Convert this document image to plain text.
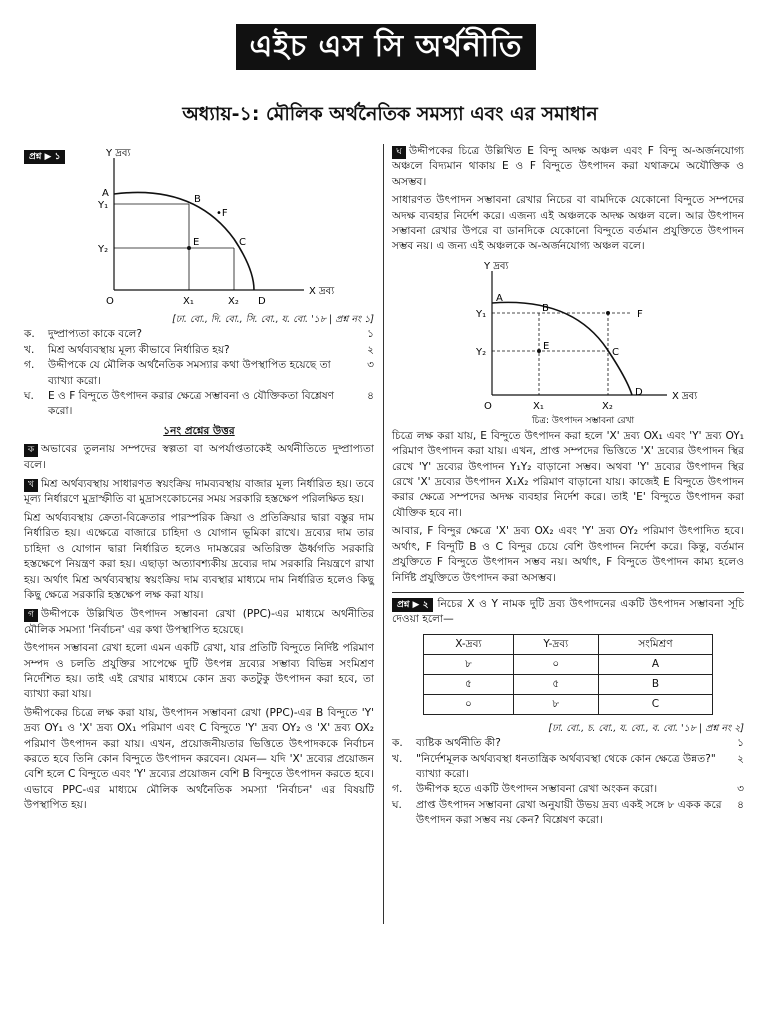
এইচ এস সি অর্থনীতি
অধ্যায়-১: মৌলিক অর্থনৈতিক সমস্যা এবং এর সমাধান
প্রশ্ন ▶ ১	Y দ্রব্য
X দ্রব্য
A
B
C
D
E
•F
Y₁
Y₂
O	X₁	X₂
[ঢা. বো., দি. বো., সি. বো., য. বো. '১৮ | প্রশ্ন নং ১]
ক.	দুষ্প্রাপ্যতা কাকে বলে?	১
খ.	মিশ্র অর্থব্যবস্থায় মূল্য কীভাবে নির্ধারিত হয়?	২
গ.	উদ্দীপকে যে মৌলিক অর্থনৈতিক সমস্যার কথা উপস্থাপিত হয়েছে তা ব্যাখ্যা করো।
৩
ঘ.	E ও F বিন্দুতে উৎপাদন করার ক্ষেত্রে সম্ভাবনা ও যৌক্তিকতা বিশ্লেষণ করো।
৪
১নং প্রশ্নের উত্তর
ক অভাবের তুলনায় সম্পদের স্বল্পতা বা অপর্যাপ্ততাকেই অর্থনীতিতে দুষ্প্রাপ্যতা বলে।

খ মিশ্র অর্থব্যবস্থায় সাধারণত স্বয়ংক্রিয় দামব্যবস্থায় বাজার মূল্য নির্ধারিত হয়। তবে মূল্য নির্ধারণে মুদ্রাস্ফীতি বা মুদ্রাসংকোচনের সময় সরকারি হস্তক্ষেপ পরিলক্ষিত হয়।

মিশ্র অর্থব্যবস্থায় ক্রেতা-বিক্রেতার পারস্পরিক ক্রিয়া ও প্রতিক্রিয়ার দ্বারা বস্তুর দাম নির্ধারিত হয়। এক্ষেত্রে বাজারে চাহিদা ও যোগান ভূমিকা রাখে। দ্রব্যের দাম তার চাহিদা ও যোগান দ্বারা নির্ধারিত হলেও দামস্তরের অতিরিক্ত ঊর্ধ্বগতি সরকারি হস্তক্ষেপে নিয়ন্ত্রণ করা হয়। এছাড়া অত্যাবশ্যকীয় দ্রব্যের দাম সরকারি নিয়ন্ত্রণে রাখা হয়। অর্থাৎ মিশ্র অর্থব্যবস্থায় স্বয়ংক্রিয় দাম ব্যবস্থার মাধ্যমে দাম নির্ধারিত হলেও কিছু কিছু ক্ষেত্রে সরকারি হস্তক্ষেপ লক্ষ করা যায়।

গ উদ্দীপকে উল্লিখিত উৎপাদন সম্ভাবনা রেখা (PPC)-এর মাধ্যমে অর্থনীতির মৌলিক সমস্যা 'নির্বাচন' এর কথা উপস্থাপিত হয়েছে।

উৎপাদন সম্ভাবনা রেখা হলো এমন একটি রেখা, যার প্রতিটি বিন্দুতে নির্দিষ্ট পরিমাণ সম্পদ ও চলতি প্রযুক্তির সাপেক্ষে দুটি উৎপন্ন দ্রব্যের সম্ভাব্য বিভিন্ন সংমিশ্রণ নির্দেশিত হয়। তাই এই রেখার মাধ্যমে কোন দ্রব্য কতটুকু উৎপাদন করা হবে, তা ব্যাখ্যা করা যায়।

উদ্দীপকের চিত্রে লক্ষ করা যায়, উৎপাদন সম্ভাবনা রেখা (PPC)-এর B বিন্দুতে 'Y' দ্রব্য OY₁ ও 'X' দ্রব্য OX₁ পরিমাণ এবং C বিন্দুতে 'Y' দ্রব্য OY₂ ও 'X' দ্রব্য OX₂ পরিমাণ উৎপাদন করা যায়। এখন, প্রয়োজনীয়তার ভিত্তিতে উৎপাদককে নির্বাচন করতে হবে তিনি কোন বিন্দুতে উৎপাদন করবেন। যেমন— যদি 'X' দ্রব্যের প্রয়োজন বেশি হলে C বিন্দুতে এবং 'Y' দ্রব্যের প্রয়োজন বেশি B বিন্দুতে উৎপাদন করতে হবে। এভাবে PPC-এর মাধ্যমে মৌলিক অর্থনৈতিক সমস্যা 'নির্বাচন' এর বিষয়টি উপস্থাপিত হয়।

ঘ উদ্দীপকের চিত্রে উল্লিখিত E বিন্দু অদক্ষ অঞ্চল এবং F বিন্দু অ-অর্জনযোগ্য অঞ্চলে বিদ্যমান থাকায় E ও F বিন্দুতে উৎপাদন করা যথাক্রমে অযৌক্তিক ও অসম্ভব।

সাধারণত উৎপাদন সম্ভাবনা রেখার নিচের বা বামদিকে যেকোনো বিন্দুতে সম্পদের অদক্ষ ব্যবহার নির্দেশ করে। এজন্য এই অঞ্চলকে অদক্ষ অঞ্চল বলে। আর উৎপাদন সম্ভাবনা রেখার উপরে বা ডানদিকে যেকোনো বিন্দুতে বর্তমান প্রযুক্তিতে উৎপাদন সম্ভব নয়। এ জন্য এই অঞ্চলকে অ-অর্জনযোগ্য অঞ্চল বলে।

Y দ্রব্য
X দ্রব্য
A
B
C
D
E
F
Y₁
Y₂
O	X₁	X₂
চিত্র: উৎপাদন সম্ভাবনা রেখা

চিত্রে লক্ষ করা যায়, E বিন্দুতে উৎপাদন করা হলে 'X' দ্রব্য OX₁ এবং 'Y' দ্রব্য OY₁ পরিমাণ উৎপাদন করা যায়। এখন, প্রাপ্ত সম্পদের ভিত্তিতে 'X' দ্রব্যের উৎপাদন স্থির রেখে 'Y' দ্রব্যের উৎপাদন Y₁Y₂ বাড়ানো সম্ভব। অথবা 'Y' দ্রব্যের উৎপাদন স্থির রেখে 'X' দ্রব্যের উৎপাদন X₁X₂ পরিমাণ বাড়ানো যায়। কাজেই E বিন্দুতে উৎপাদন করার ক্ষেত্রে সম্পদের অদক্ষ ব্যবহার নির্দেশ করে। তাই 'E' বিন্দুতে উৎপাদন করা যৌক্তিক হবে না।

আবার, F বিন্দুর ক্ষেত্রে 'X' দ্রব্য OX₂ এবং 'Y' দ্রব্য OY₂ পরিমাণ উৎপাদিত হবে। অর্থাৎ, F বিন্দুটি B ও C বিন্দুর চেয়ে বেশি উৎপাদন নির্দেশ করে। কিন্তু, বর্তমান প্রযুক্তিতে F বিন্দুতে উৎপাদন সম্ভব নয়। অর্থাৎ, F বিন্দুতে উৎপাদন কাম্য হলেও নির্দিষ্ট প্রযুক্তিতে উৎপাদন করা অসম্ভব।

প্রশ্ন ▶ ২ নিচের X ও Y নামক দুটি দ্রব্য উৎপাদনের একটি উৎপাদন সম্ভাবনা সূচি দেওয়া হলো—
X-দ্রব্য	Y-দ্রব্য	সংমিশ্রণ
৮	০	A
৫	৫	B
০	৮	C
[ঢা. বো., চ. বো., য. বো., ব. বো. '১৮ | প্রশ্ন নং ২]
ক.	ব্যষ্টিক অর্থনীতি কী?	১
খ.	"নির্দেশমূলক অর্থব্যবস্থা ধনতান্ত্রিক অর্থব্যবস্থা থেকে কোন ক্ষেত্রে উন্নত?" ব্যাখ্যা করো।
২
গ.	উদ্দীপক হতে একটি উৎপাদন সম্ভাবনা রেখা অংকন করো।	৩
ঘ.	প্রাপ্ত উৎপাদন সম্ভাবনা রেখা অনুযায়ী উভয় দ্রব্য একই সঙ্গে ৮ একক করে উৎপাদন করা সম্ভব নয় কেন? বিশ্লেষণ করো।
৪
